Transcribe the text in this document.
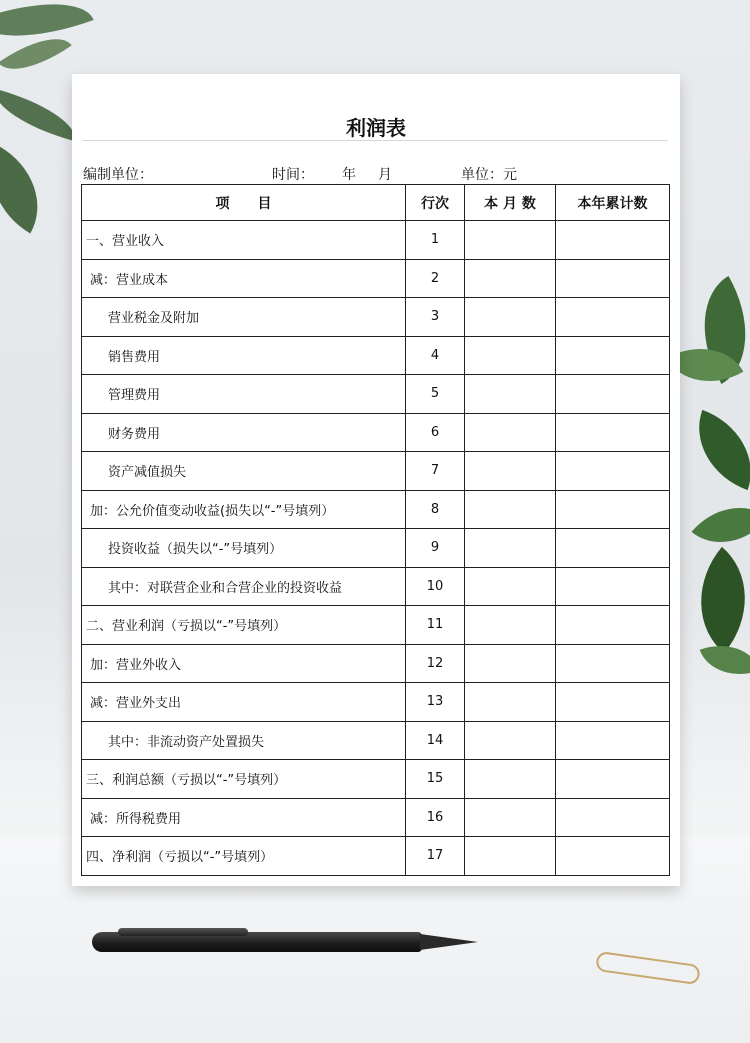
利润表
编制单位：	时间： 年 月	单位：元
项　　目	行次	本 月 数	本年累计数
一、营业收入	1		
减：营业成本	2		
营业税金及附加	3		
销售费用	4		
管理费用	5		
财务费用	6		
资产减值损失	7		
加：公允价值变动收益(损失以“-”号填列）	8		
投资收益（损失以“-”号填列）	9		
其中：对联营企业和合营企业的投资收益	10		
二、营业利润（亏损以“-”号填列）	11		
加：营业外收入	12		
减：营业外支出	13		
其中：非流动资产处置损失	14		
三、利润总额（亏损以“-”号填列）	15		
减：所得税费用	16		
四、净利润（亏损以“-”号填列）	17		
